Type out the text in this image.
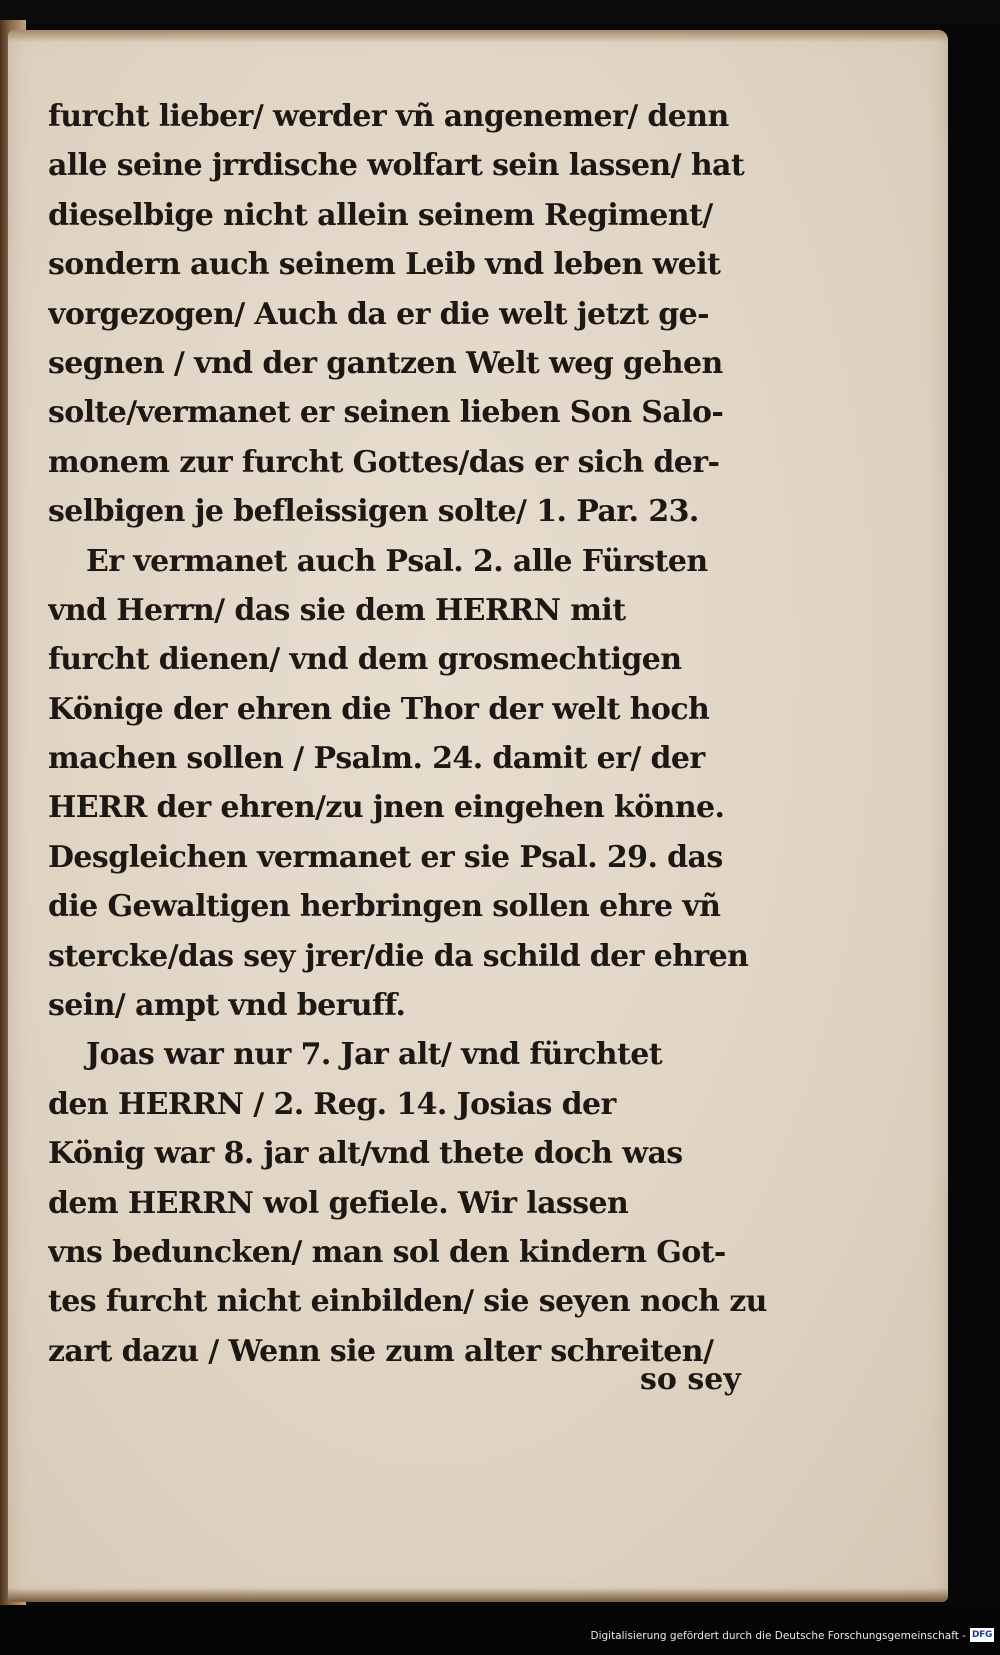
furcht lieber/ werder vñ angenemer/ denn
alle seine jrrdische wolfart sein lassen/ hat
dieselbige nicht allein seinem Regiment/
sondern auch seinem Leib vnd leben weit
vorgezogen/ Auch da er die welt jetzt ge-
segnen / vnd der gantzen Welt weg gehen
solte/vermanet er seinen lieben Son Salo-
monem zur furcht Gottes/das er sich der-
selbigen je befleissigen solte/ 1. Par. 23.
Er vermanet auch Psal. 2. alle Fürsten
vnd Herrn/ das sie dem HERRN mit
furcht dienen/ vnd dem grosmechtigen
Könige der ehren die Thor der welt hoch
machen sollen / Psalm. 24. damit er/ der
HERR der ehren/zu jnen eingehen könne.
Desgleichen vermanet er sie Psal. 29. das
die Gewaltigen herbringen sollen ehre vñ
stercke/das sey jrer/die da schild der ehren
sein/ ampt vnd beruff.
Joas war nur 7. Jar alt/ vnd fürchtet
den HERRN / 2. Reg. 14. Josias der
König war 8. jar alt/vnd thete doch was
dem HERRN wol gefiele. Wir lassen
vns beduncken/ man sol den kindern Got-
tes furcht nicht einbilden/ sie seyen noch zu
zart dazu / Wenn sie zum alter schreiten/
so sey
Digitalisierung gefördert durch die Deutsche Forschungsgemeinschaft - DFG
